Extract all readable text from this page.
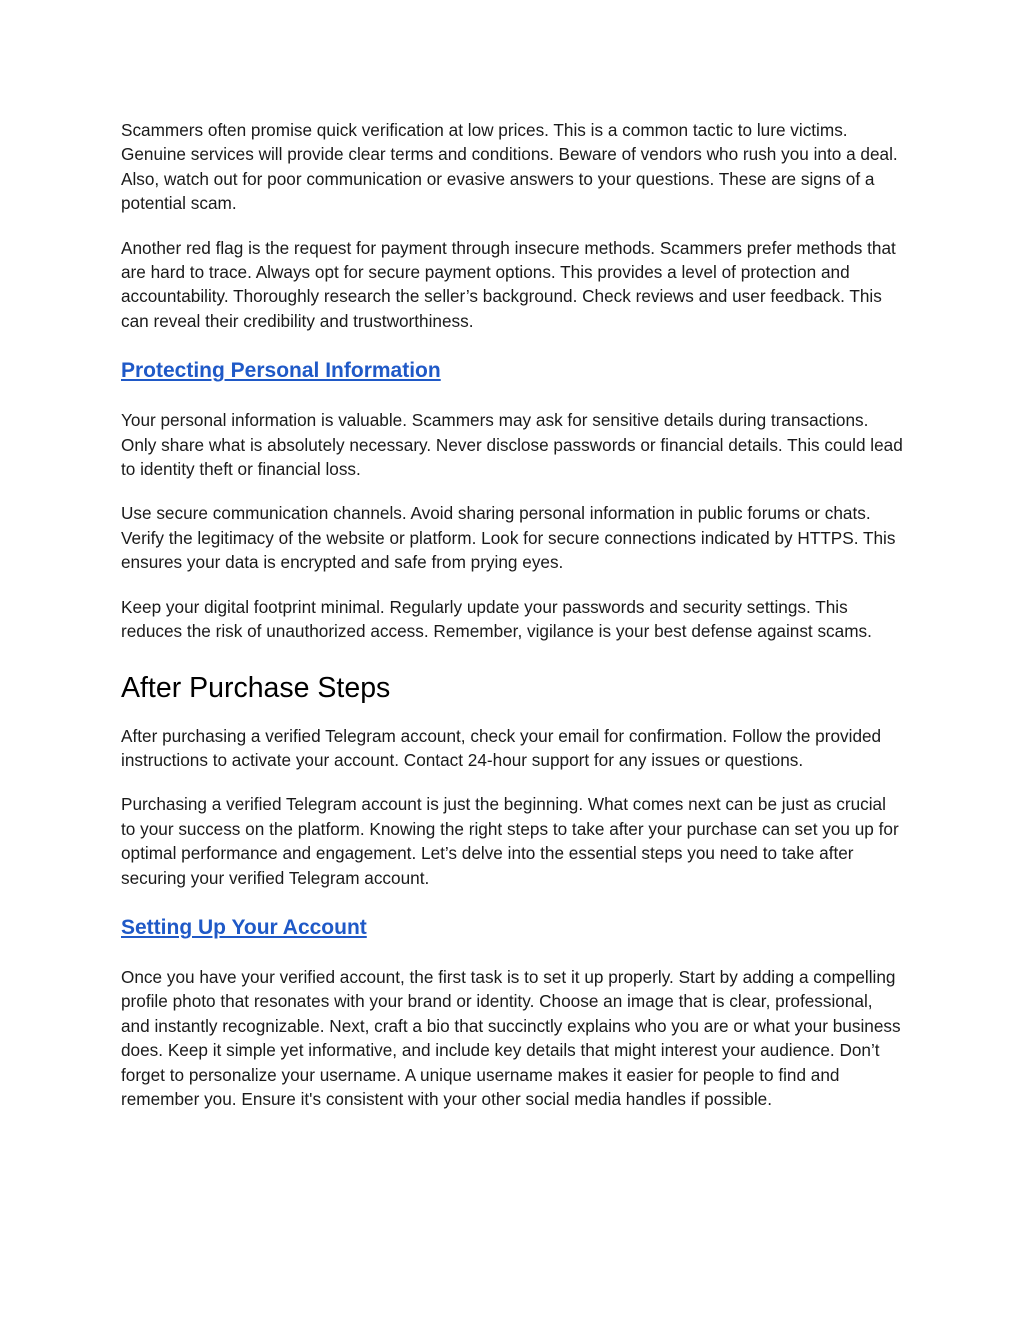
Scammers often promise quick verification at low prices. This is a common tactic to lure victims. Genuine services will provide clear terms and conditions. Beware of vendors who rush you into a deal. Also, watch out for poor communication or evasive answers to your questions. These are signs of a potential scam.

Another red flag is the request for payment through insecure methods. Scammers prefer methods that are hard to trace. Always opt for secure payment options. This provides a level of protection and accountability. Thoroughly research the seller’s background. Check reviews and user feedback. This can reveal their credibility and trustworthiness.

Protecting Personal Information

Your personal information is valuable. Scammers may ask for sensitive details during transactions. Only share what is absolutely necessary. Never disclose passwords or financial details. This could lead to identity theft or financial loss.

Use secure communication channels. Avoid sharing personal information in public forums or chats. Verify the legitimacy of the website or platform. Look for secure connections indicated by HTTPS. This ensures your data is encrypted and safe from prying eyes.

Keep your digital footprint minimal. Regularly update your passwords and security settings. This reduces the risk of unauthorized access. Remember, vigilance is your best defense against scams.

After Purchase Steps

After purchasing a verified Telegram account, check your email for confirmation. Follow the provided instructions to activate your account. Contact 24-hour support for any issues or questions.

Purchasing a verified Telegram account is just the beginning. What comes next can be just as crucial to your success on the platform. Knowing the right steps to take after your purchase can set you up for optimal performance and engagement. Let’s delve into the essential steps you need to take after securing your verified Telegram account.

Setting Up Your Account

Once you have your verified account, the first task is to set it up properly. Start by adding a compelling profile photo that resonates with your brand or identity. Choose an image that is clear, professional, and instantly recognizable. Next, craft a bio that succinctly explains who you are or what your business does. Keep it simple yet informative, and include key details that might interest your audience. Don’t forget to personalize your username. A unique username makes it easier for people to find and remember you. Ensure it's consistent with your other social media handles if possible.
